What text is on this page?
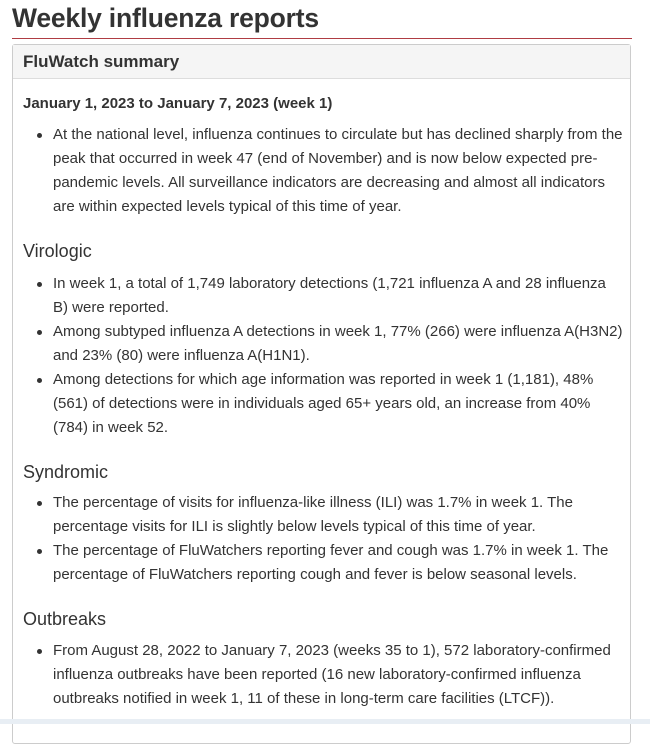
Weekly influenza reports
FluWatch summary

January 1, 2023 to January 7, 2023 (week 1)

At the national level, influenza continues to circulate but has declined sharply from the peak that occurred in week 47 (end of November) and is now below expected pre-pandemic levels. All surveillance indicators are decreasing and almost all indicators are within expected levels typical of this time of year.
Virologic
In week 1, a total of 1,749 laboratory detections (1,721 influenza A and 28 influenza B) were reported.
Among subtyped influenza A detections in week 1, 77% (266) were influenza A(H3N2) and 23% (80) were influenza A(H1N1).
Among detections for which age information was reported in week 1 (1,181), 48% (561) of detections were in individuals aged 65+ years old, an increase from 40% (784) in week 52.
Syndromic
The percentage of visits for influenza-like illness (ILI) was 1.7% in week 1. The percentage visits for ILI is slightly below levels typical of this time of year.
The percentage of FluWatchers reporting fever and cough was 1.7% in week 1. The percentage of FluWatchers reporting cough and fever is below seasonal levels.
Outbreaks
From August 28, 2022 to January 7, 2023 (weeks 35 to 1), 572 laboratory-confirmed influenza outbreaks have been reported (16 new laboratory-confirmed influenza outbreaks notified in week 1, 11 of these in long-term care facilities (LTCF)).
